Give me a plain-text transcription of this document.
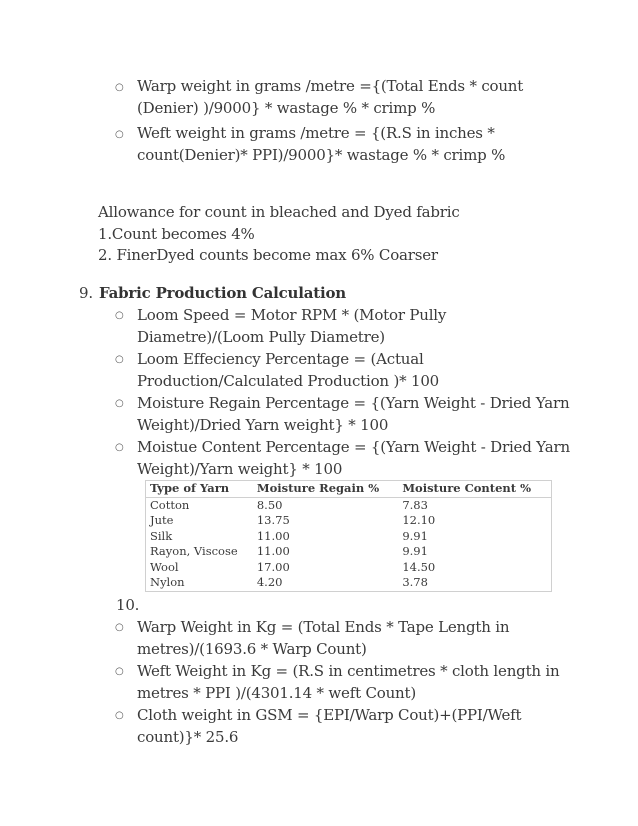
○ Warp weight in grams /metre ={(Total Ends * count
(Denier) )/9000} * wastage % * crimp %
○ Weft weight in grams /metre = {(R.S in inches *
count(Denier)* PPI)/9000}* wastage % * crimp %
Allowance for count in bleached and Dyed fabric
1.Count becomes 4%
2. FinerDyed counts become max 6% Coarser
9. Fabric Production Calculation
○ Loom Speed = Motor RPM * (Motor Pully
Diametre)/(Loom Pully Diametre)
○ Loom Effeciency Percentage = (Actual
Production/Calculated Production )* 100
○ Moisture Regain Percentage = {(Yarn Weight - Dried Yarn
Weight)/Dried Yarn weight} * 100
○ Moistue Content Percentage = {(Yarn Weight - Dried Yarn
Weight)/Yarn weight} * 100
Type of Yarn	Moisture Regain %	Moisture Content %
Cotton	8.50	7.83
Jute	13.75	12.10
Silk	11.00	9.91
Rayon, Viscose	11.00	9.91
Wool	17.00	14.50
Nylon	4.20	3.78
10.
○ Warp Weight in Kg = (Total Ends * Tape Length in
metres)/(1693.6 * Warp Count)
○ Weft Weight in Kg = (R.S in centimetres * cloth length in
metres * PPI )/(4301.14 * weft Count)
○ Cloth weight in GSM = {EPI/Warp Cout)+(PPI/Weft
count)}* 25.6
